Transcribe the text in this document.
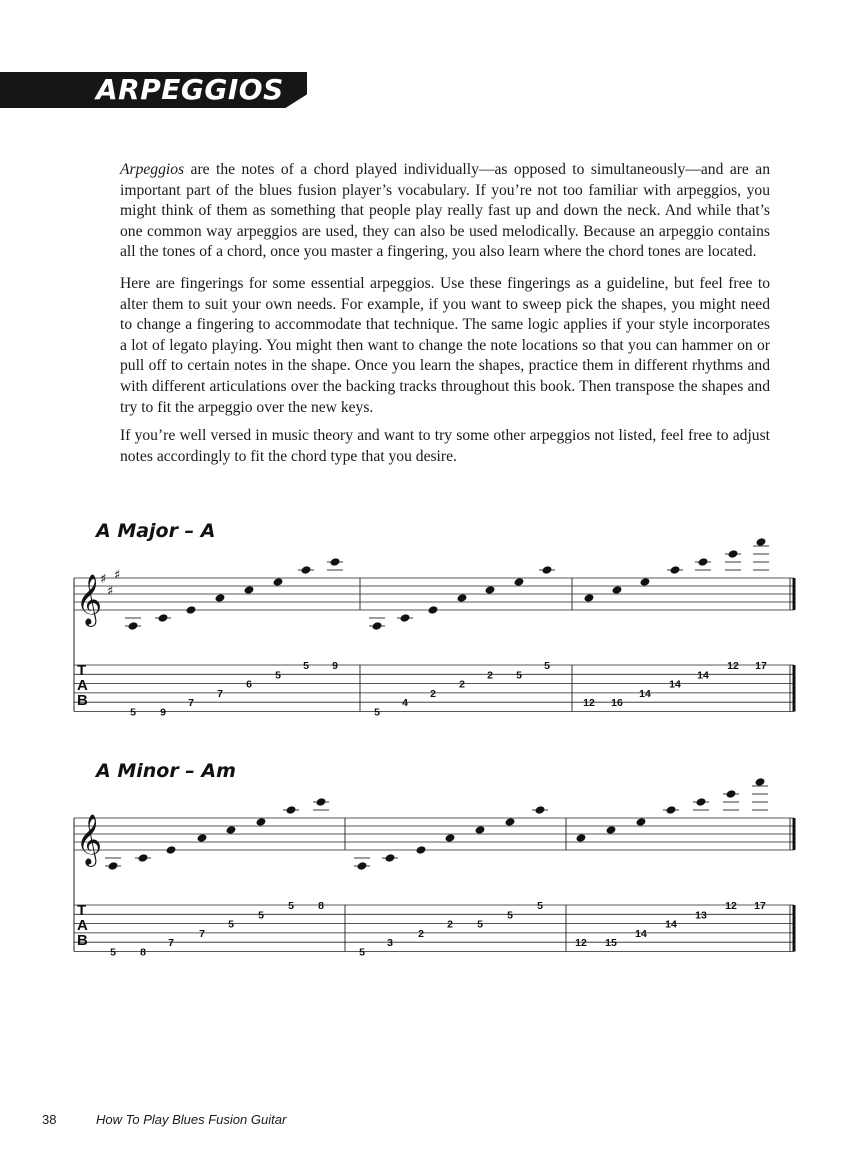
ARPEGGIOS

Arpeggios are the notes of a chord played individually—as opposed to simultaneously—and are an important part of the blues fusion player’s vocabulary. If you’re not too familiar with arpeggios, you might think of them as something that people play really fast up and down the neck. And while that’s one common way arpeggios are used, they can also be used melodically. Because an arpeggio contains all the tones of a chord, once you master a fingering, you also learn where the chord tones are located.

Here are fingerings for some essential arpeggios. Use these fingerings as a guideline, but feel free to alter them to suit your own needs. For example, if you want to sweep pick the shapes, you might need to change a fingering to accommodate that technique. The same logic applies if your style incorporates a lot of legato playing. You might then want to change the note locations so that you can hammer on or pull off to certain notes in the shape. Once you learn the shapes, practice them in different rhythms and with different articulations over the backing tracks throughout this book. Then transpose the shapes and try to fit the arpeggio over the new keys.

If you’re well versed in music theory and want to try some other arpeggios not listed, feel free to adjust notes accordingly to fit the chord type that you desire.

A Major – A
𝄞
♯
♯
♯
T
A
B
5 9
7
7
6
5
5 9
5
4
2
2
2 5
5
12 16
14
14
14
12 17
A Minor – Am
𝄞
T
A
B
5 8
7
7
5
5
5 8
5
3
2
2 5
5
5
12 15
14
14
13
12 17
38	How To Play Blues Fusion Guitar
